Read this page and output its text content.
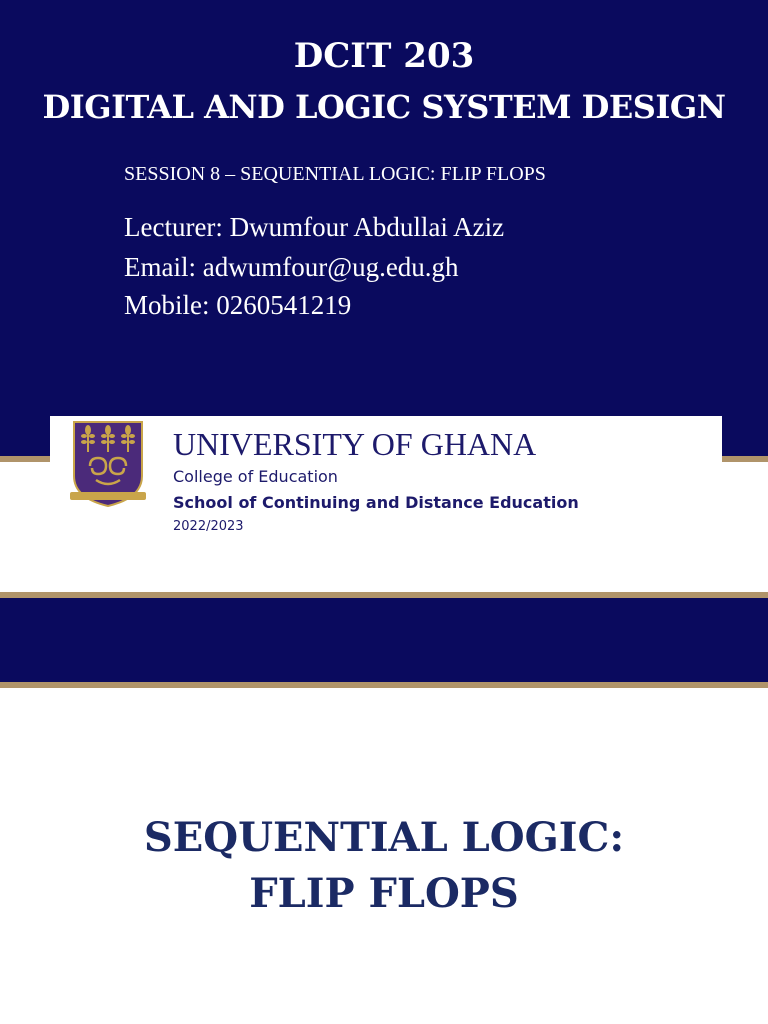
DCIT 203
DIGITAL AND LOGIC SYSTEM DESIGN
SESSION 8 – SEQUENTIAL LOGIC: FLIP FLOPS
Lecturer: Dwumfour Abdullai Aziz
Email: adwumfour@ug.edu.gh
Mobile: 0260541219
UNIVERSITY OF GHANA
College of Education
School of Continuing and Distance Education
2022/2023
SEQUENTIAL LOGIC:
FLIP FLOPS
